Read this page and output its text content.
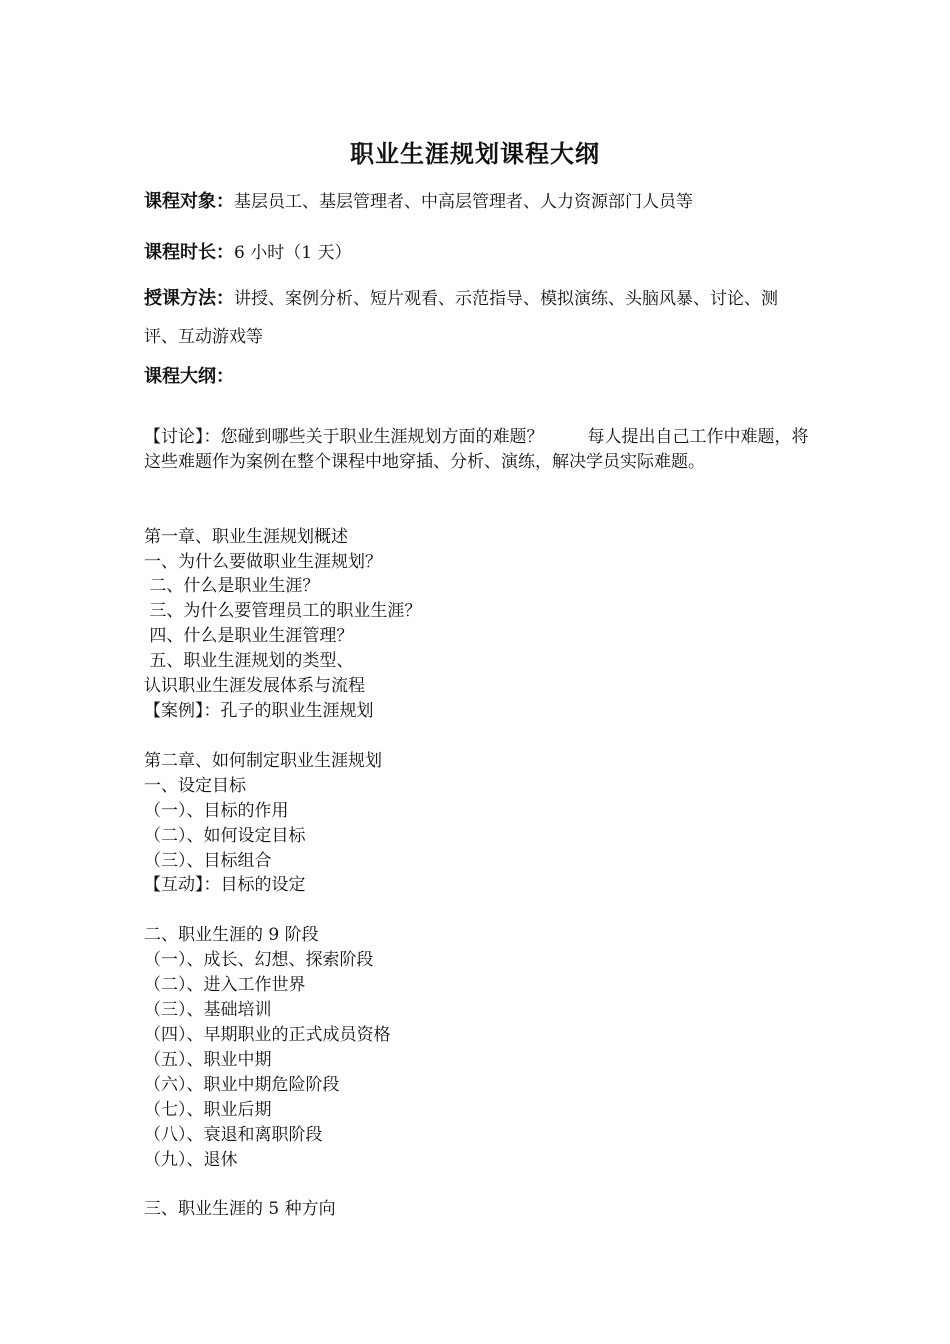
职业生涯规划课程大纲
课程对象：基层员工、基层管理者、中高层管理者、人力资源部门人员等
课程时长：6 小时（1 天）
授课方法：讲授、案例分析、短片观看、示范指导、模拟演练、头脑风暴、讨论、测评、互动游戏等
课程大纲：
【讨论】：您碰到哪些关于职业生涯规划方面的难题？	每人提出自己工作中难题，将这些难题作为案例在整个课程中地穿插、分析、演练，解决学员实际难题。
第一章、职业生涯规划概述
一、为什么要做职业生涯规划？
二、什么是职业生涯？
三、为什么要管理员工的职业生涯？
四、什么是职业生涯管理？
五、职业生涯规划的类型、
认识职业生涯发展体系与流程
【案例】：孔子的职业生涯规划
第二章、如何制定职业生涯规划
一、设定目标
（一）、目标的作用
（二）、如何设定目标
（三）、目标组合
【互动】：目标的设定
二、职业生涯的 9 阶段
（一）、成长、幻想、探索阶段
（二）、进入工作世界
（三）、基础培训
（四）、早期职业的正式成员资格
（五）、职业中期
（六）、职业中期危险阶段
（七）、职业后期
（八）、衰退和离职阶段
（九）、退休
三、职业生涯的 5 种方向
